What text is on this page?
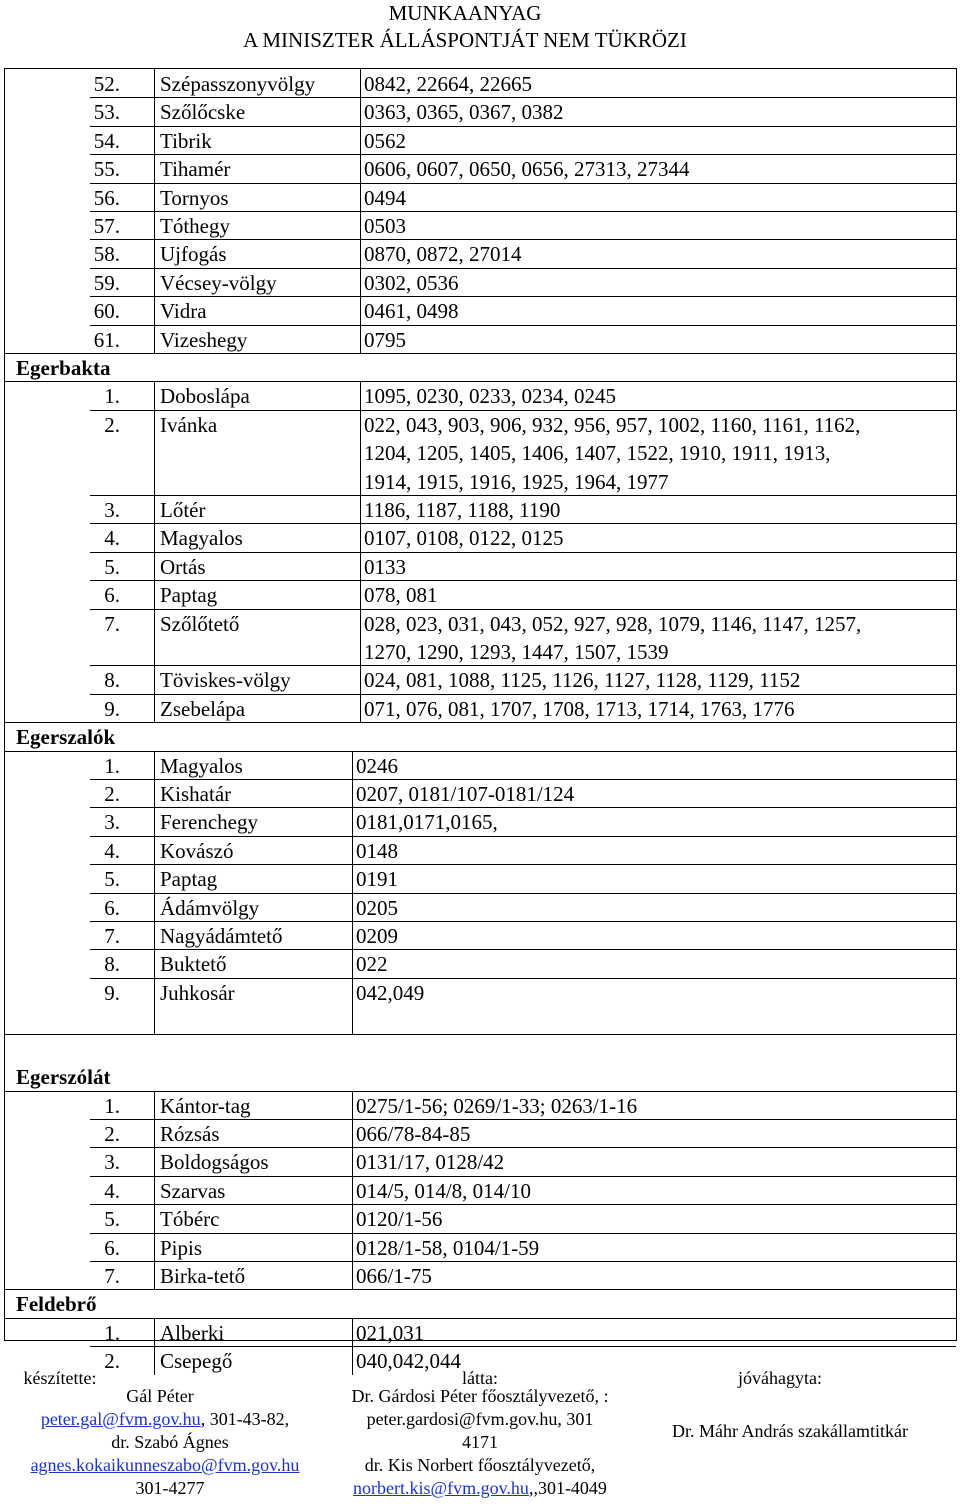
MUNKAANYAG
A MINISZTER ÁLLÁSPONTJÁT NEM TÜKRÖZI
52. Szépasszonyvölgy 0842, 22664, 22665
53. Szőlőcske	0363, 0365, 0367, 0382
54. Tibrik	0562
55. Tihamér	0606, 0607, 0650, 0656, 27313, 27344
56. Tornyos	0494
57. Tóthegy	0503
58. Ujfogás	0870, 0872, 27014
59. Vécsey-völgy	0302, 0536
60. Vidra	0461, 0498
61. Vizeshegy	0795
Egerbakta
1. Doboslápa	1095, 0230, 0233, 0234, 0245
2. Ivánka	022, 043, 903, 906, 932, 956, 957, 1002, 1160, 1161, 1162,
1204, 1205, 1405, 1406, 1407, 1522, 1910, 1911, 1913,
1914, 1915, 1916, 1925, 1964, 1977
3. Lőtér	1186, 1187, 1188, 1190
4. Magyalos	0107, 0108, 0122, 0125
5. Ortás	0133
6. Paptag	078, 081
7. Szőlőtető	028, 023, 031, 043, 052, 927, 928, 1079, 1146, 1147, 1257,
1270, 1290, 1293, 1447, 1507, 1539
8. Töviskes-völgy	024, 081, 1088, 1125, 1126, 1127, 1128, 1129, 1152
9. Zsebelápa	071, 076, 081, 1707, 1708, 1713, 1714, 1763, 1776
Egerszalók
1. Magyalos	0246
2. Kishatár	0207, 0181/107-0181/124
3. Ferenchegy	0181,0171,0165,
4. Kovászó	0148
5. Paptag	0191
6. Ádámvölgy	0205
7. Nagyádámtető	0209
8. Buktető	022
9. Juhkosár	042,049
Egerszólát
1. Kántor-tag	0275/1-56; 0269/1-33; 0263/1-16
2. Rózsás	066/78-84-85
3. Boldogságos	0131/17, 0128/42
4. Szarvas	014/5, 014/8, 014/10
5. Tóbérc	0120/1-56
6. Pipis	0128/1-58, 0104/1-59
7. Birka-tető	066/1-75
Feldebrő
1. Alberki	021,031
2. Csepegő	040,042,044
készítette:
Gál Péter
peter.gal@fvm.gov.hu, 301-43-82,
dr. Szabó Ágnes
agnes.kokaikunneszabo@fvm.gov.hu
301-4277
látta:
Dr. Gárdosi Péter főosztályvezető, :
peter.gardosi@fvm.gov.hu, 301
4171
dr. Kis Norbert főosztályvezető,
norbert.kis@fvm.gov.hu,,301-4049
jóváhagyta:
Dr. Máhr András szakállamtitkár
